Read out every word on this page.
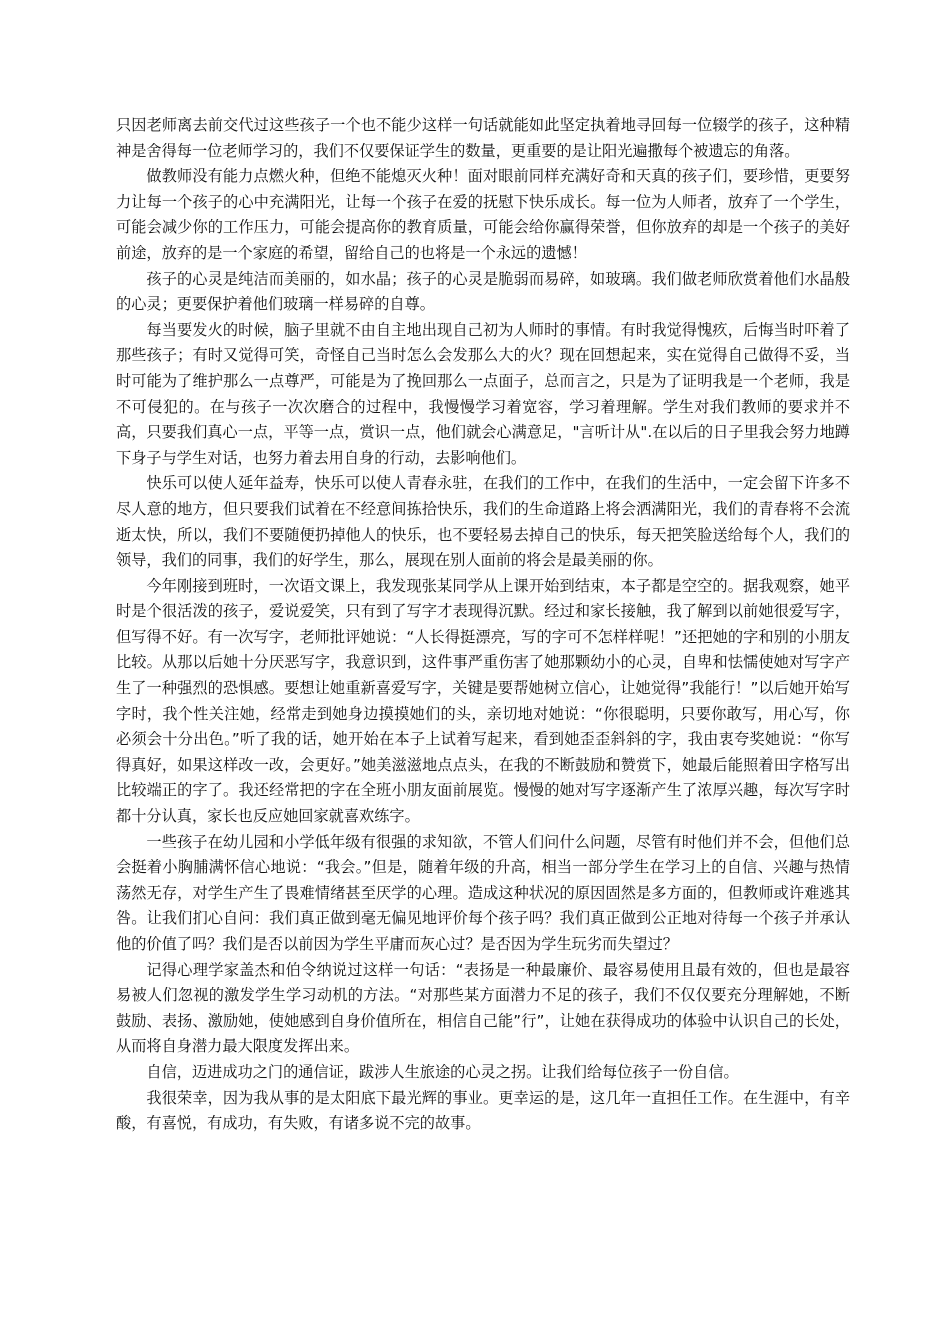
只因老师离去前交代过这些孩子一个也不能少这样一句话就能如此坚定执着地寻回每一位辍学的孩子，这种精神是舍得每一位老师学习的，我们不仅要保证学生的数量，更重要的是让阳光遍撒每个被遗忘的角落。

做教师没有能力点燃火种，但绝不能熄灭火种！面对眼前同样充满好奇和天真的孩子们，要珍惜，更要努力让每一个孩子的心中充满阳光，让每一个孩子在爱的抚慰下快乐成长。每一位为人师者，放弃了一个学生，可能会减少你的工作压力，可能会提高你的教育质量，可能会给你赢得荣誉，但你放弃的却是一个孩子的美好前途，放弃的是一个家庭的希望，留给自己的也将是一个永远的遗憾！

孩子的心灵是纯洁而美丽的，如水晶；孩子的心灵是脆弱而易碎，如玻璃。我们做老师欣赏着他们水晶般的心灵；更要保护着他们玻璃一样易碎的自尊。

每当要发火的时候，脑子里就不由自主地出现自己初为人师时的事情。有时我觉得愧疚，后悔当时吓着了那些孩子；有时又觉得可笑，奇怪自己当时怎么会发那么大的火？现在回想起来，实在觉得自己做得不妥，当时可能为了维护那么一点尊严，可能是为了挽回那么一点面子，总而言之，只是为了证明我是一个老师，我是不可侵犯的。在与孩子一次次磨合的过程中，我慢慢学习着宽容，学习着理解。学生对我们教师的要求并不高，只要我们真心一点，平等一点，赏识一点，他们就会心满意足，"言听计从".在以后的日子里我会努力地蹲下身子与学生对话，也努力着去用自身的行动，去影响他们。

快乐可以使人延年益寿，快乐可以使人青春永驻，在我们的工作中，在我们的生活中，一定会留下许多不尽人意的地方，但只要我们试着在不经意间拣拾快乐，我们的生命道路上将会洒满阳光，我们的青春将不会流逝太快，所以，我们不要随便扔掉他人的快乐，也不要轻易去掉自己的快乐，每天把笑脸送给每个人，我们的领导，我们的同事，我们的好学生，那么，展现在别人面前的将会是最美丽的你。

今年刚接到班时，一次语文课上，我发现张某同学从上课开始到结束，本子都是空空的。据我观察，她平时是个很活泼的孩子，爱说爱笑，只有到了写字才表现得沉默。经过和家长接触，我了解到以前她很爱写字，但写得不好。有一次写字，老师批评她说：“人长得挺漂亮，写的字可不怎样样呢！”还把她的字和别的小朋友比较。从那以后她十分厌恶写字，我意识到，这件事严重伤害了她那颗幼小的心灵，自卑和怯懦使她对写字产生了一种强烈的恐惧感。要想让她重新喜爱写字，关键是要帮她树立信心，让她觉得”我能行！”以后她开始写字时，我个性关注她，经常走到她身边摸摸她们的头，亲切地对她说：“你很聪明，只要你敢写，用心写，你必须会十分出色。”听了我的话，她开始在本子上试着写起来，看到她歪歪斜斜的字，我由衷夸奖她说：“你写得真好，如果这样改一改，会更好。”她美滋滋地点点头，在我的不断鼓励和赞赏下，她最后能照着田字格写出比较端正的字了。我还经常把的字在全班小朋友面前展览。慢慢的她对写字逐渐产生了浓厚兴趣，每次写字时都十分认真，家长也反应她回家就喜欢练字。

一些孩子在幼儿园和小学低年级有很强的求知欲，不管人们问什么问题，尽管有时他们并不会，但他们总会挺着小胸脯满怀信心地说：“我会。”但是，随着年级的升高，相当一部分学生在学习上的自信、兴趣与热情荡然无存，对学生产生了畏难情绪甚至厌学的心理。造成这种状况的原因固然是多方面的，但教师或许难逃其咎。让我们扪心自问：我们真正做到毫无偏见地评价每个孩子吗？我们真正做到公正地对待每一个孩子并承认他的价值了吗？我们是否以前因为学生平庸而灰心过？是否因为学生玩劣而失望过？

记得心理学家盖杰和伯令纳说过这样一句话：“表扬是一种最廉价、最容易使用且最有效的，但也是最容易被人们忽视的激发学生学习动机的方法。“对那些某方面潜力不足的孩子，我们不仅仅要充分理解她，不断鼓励、表扬、激励她，使她感到自身价值所在，相信自己能”行”，让她在获得成功的体验中认识自己的长处，从而将自身潜力最大限度发挥出来。

自信，迈进成功之门的通信证，跋涉人生旅途的心灵之拐。让我们给每位孩子一份自信。

我很荣幸，因为我从事的是太阳底下最光辉的事业。更幸运的是，这几年一直担任工作。在生涯中，有辛酸，有喜悦，有成功，有失败，有诸多说不完的故事。
